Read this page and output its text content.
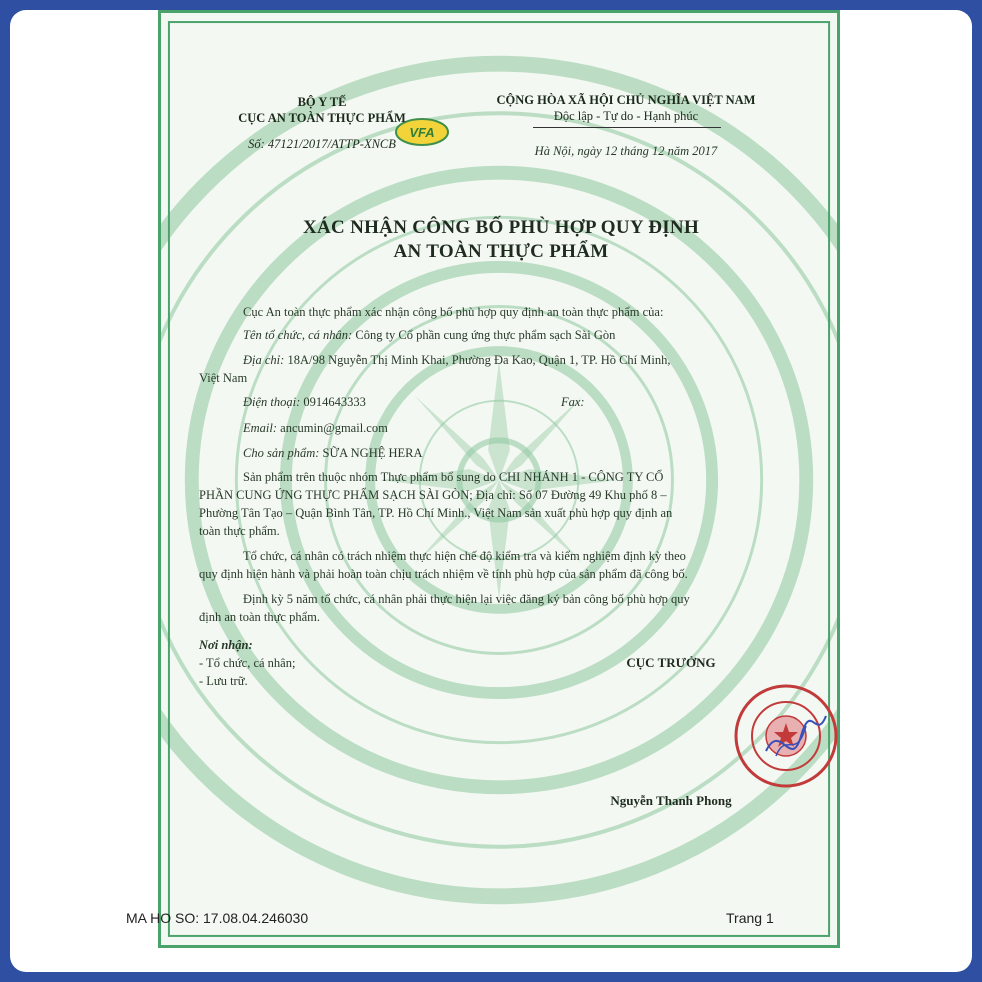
VFA
BỘ Y TẾ
CỤC AN TOÀN THỰC PHẨM
Số: 47121/2017/ATTP-XNCB
CỘNG HÒA XÃ HỘI CHỦ NGHĨA VIỆT NAM
Độc lập - Tự do - Hạnh phúc
Hà Nội, ngày 12 tháng 12 năm 2017
XÁC NHẬN CÔNG BỐ PHÙ HỢP QUY ĐỊNH
AN TOÀN THỰC PHẨM
Cục An toàn thực phẩm xác nhận công bố phù hợp quy định an toàn thực phẩm của:
Tên tổ chức, cá nhân: Công ty Cổ phần cung ứng thực phẩm sạch Sài Gòn
Địa chỉ: 18A/98 Nguyễn Thị Minh Khai, Phường Đa Kao, Quận 1, TP. Hồ Chí Minh,
Việt Nam
Điện thoại: 0914643333	Fax:
Email: ancumin@gmail.com
Cho sản phẩm: SỮA NGHỆ HERA
Sản phẩm trên thuộc nhóm Thực phẩm bổ sung do CHI NHÁNH 1 - CÔNG TY CỔ
PHẦN CUNG ỨNG THỰC PHẨM SẠCH SÀI GÒN; Địa chỉ: Số 07 Đường 49 Khu phố 8 –
Phường Tân Tạo – Quận Bình Tân, TP. Hồ Chí Minh., Việt Nam sản xuất phù hợp quy định an
toàn thực phẩm.
Tổ chức, cá nhân có trách nhiệm thực hiện chế độ kiểm tra và kiểm nghiệm định kỳ theo
quy định hiện hành và phải hoàn toàn chịu trách nhiệm về tính phù hợp của sản phẩm đã công bố.
Định kỳ 5 năm tổ chức, cá nhân phải thực hiện lại việc đăng ký bản công bố phù hợp quy
định an toàn thực phẩm.
Nơi nhận:
- Tổ chức, cá nhân;
- Lưu trữ.
CỤC TRƯỞNG
Nguyễn Thanh Phong
MA HO SO: 17.08.04.246030	Trang 1
